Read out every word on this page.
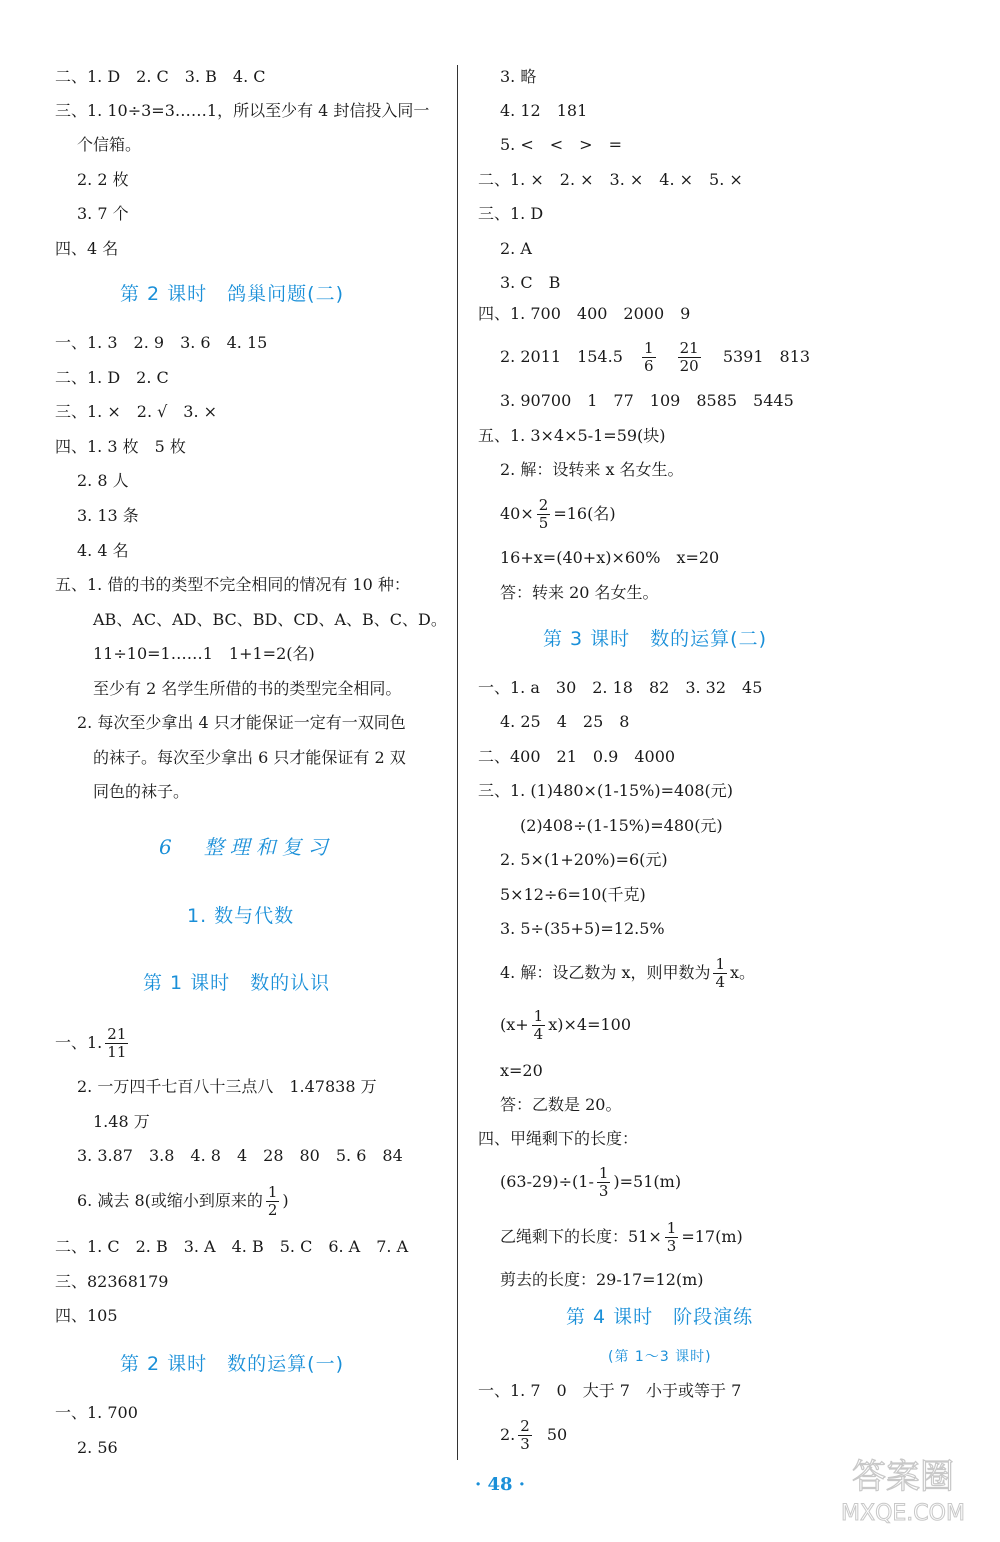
二、1. D　2. C　3. B　4. C
三、1. 10÷3=3……1，所以至少有 4 封信投入同一
个信箱。
2. 2 枚
3. 7 个
四、4 名
第 2 课时　鸽巢问题(二)
一、1. 3　2. 9　3. 6　4. 15
二、1. D　2. C
三、1. ×　2. √　3. ×
四、1. 3 枚　5 枚
2. 8 人
3. 13 条
4. 4 名
五、1. 借的书的类型不完全相同的情况有 10 种：
AB、AC、AD、BC、BD、CD、A、B、C、D。
11÷10=1……1　1+1=2(名)
至少有 2 名学生所借的书的类型完全相同。
2. 每次至少拿出 4 只才能保证一定有一双同色
的袜子。每次至少拿出 6 只才能保证有 2 双
同色的袜子。
6　整理和复习
1. 数与代数
第 1 课时　数的认识
一、1. $\frac{21}{11}$
2. 一万四千七百八十三点八　1.47838 万
1.48 万
3. 3.87　3.8　4. 8　4　28　80　5. 6　84
6. 减去 8(或缩小到原来的 $\frac{1}{2}$ )
二、1. C　2. B　3. A　4. B　5. C　6. A　7. A
三、82368179
四、105
第 2 课时　数的运算(一)
一、1. 700
2. 56
3. 略
4. 12　181
5. <　<　>　=
二、1. ×　2. ×　3. ×　4. ×　5. ×
三、1. D
2. A
3. C　B
四、1. 700　400　2000　9
2. 2011　$154.5 \frac{1}{6}$
$\frac{21}{20} 5391$　813
3. 90700　1　77　109　8585　5445
五、1. 3×4×5-1=59(块)
2. 解：设转来 x 名女生。
$40\times \frac{2}{5} =16$(名)
16+x=(40+x)×60%　x=20
答：转来 20 名女生。
第 3 课时　数的运算(二)
一、1. a　30　2. 18　82　3. 32　45
4. 25　4　25　8
二、400　21　0.9　4000
三、1. (1)480×(1-15%)=408(元)
(2)408÷(1-15%)=480(元)
2. 5×(1+20%)=6(元)
5×12÷6=10(千克)
3. 5÷(35+5)=12.5%
4. 解：设乙数为 x，则甲数为 $\frac{1}{4}$ x。
$(x+ \frac{1}{4} x)\times 4=100$
x=20
答：乙数是 20。
四、甲绳剩下的长度：
$(63-29)\div(1- \frac{1}{3} )=51(m)$
乙绳剩下的长度：$51\times \frac{1}{3} =17(m)$
剪去的长度：29-17=12(m)
第 4 课时　阶段演练
(第 1～3 课时)
一、1. 7　0　大于 7　小于或等于 7
2. $\frac{2}{3} 50$
· 48 ·	答案圈
MXQE.COM
